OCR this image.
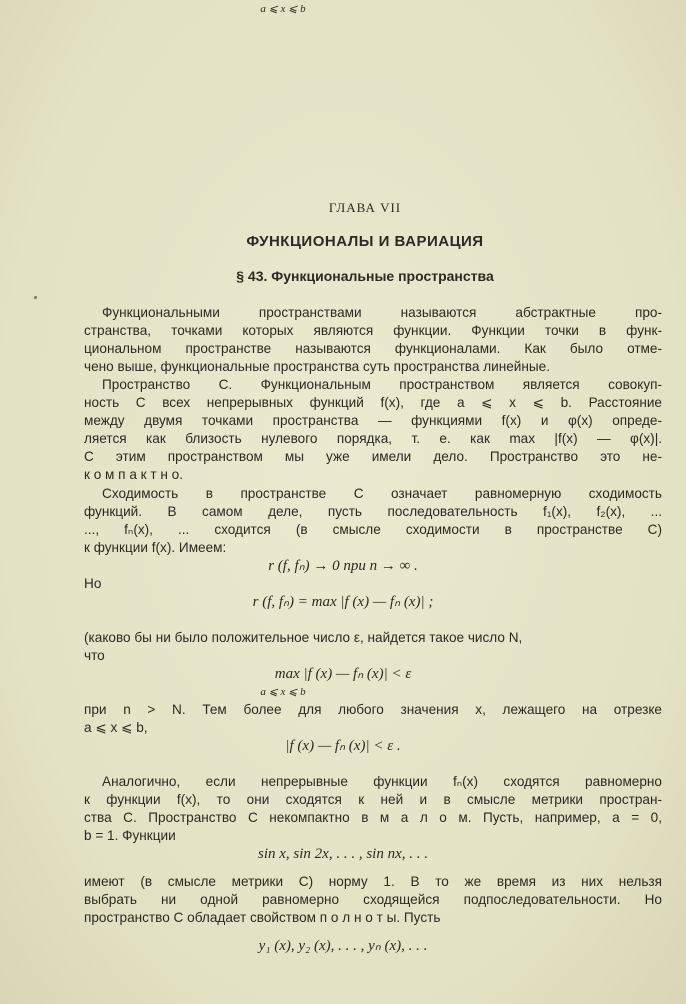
ГЛАВА VII
ФУНКЦИОНАЛЫ И ВАРИАЦИЯ
§ 43. Функциональные пространства
Функциональными пространствами называются абстрактные про-
странства, точками которых являются функции. Функции точки в функ-
циональном пространстве называются функционалами. Как было отме-
чено выше, функциональные пространства суть пространства линейные.
Пространство C. Функциональным пространством является совокуп-
ность C всех непрерывных функций f(x), где a ⩽ x ⩽ b. Расстояние
между двумя точками пространства — функциями f(x) и φ(x) опреде-
ляется как близость нулевого порядка, т. е. как max |f(x) — φ(x)|.
С этим пространством мы уже имели дело. Пространство это не-
к о м п а к т н о.
Сходимость в пространстве C означает равномерную сходимость
функций. В самом деле, пусть последовательность f₁(x), f₂(x), ...
..., fₙ(x), ... сходится (в смысле сходимости в пространстве C)
к функции f(x). Имеем:
r (f, fₙ) → 0 при n → ∞ .
Но
r (f, fₙ) = max |f (x) — fₙ (x)| ;
a ⩽ x ⩽ b
(каково бы ни было положительное число ε, найдется такое число N,
что
max |f (x) — fₙ (x)| < ε
a ⩽ x ⩽ b
при n > N. Тем более для любого значения x, лежащего на отрезке
a ⩽ x ⩽ b,
|f (x) — fₙ (x)| < ε .
Аналогично, если непрерывные функции fₙ(x) сходятся равномерно
к функции f(x), то они сходятся к ней и в смысле метрики простран-
ства C. Пространство C некомпактно в м а л о м. Пусть, например, a = 0,
b = 1. Функции
sin x, sin 2x, . . . , sin nx, . . .
имеют (в смысле метрики C) норму 1. В то же время из них нельзя
выбрать ни одной равномерно сходящейся подпоследовательности. Но
пространство C обладает свойством п о л н о т ы. Пусть
y₁ (x), y₂ (x), . . . , yₙ (x), . . .
